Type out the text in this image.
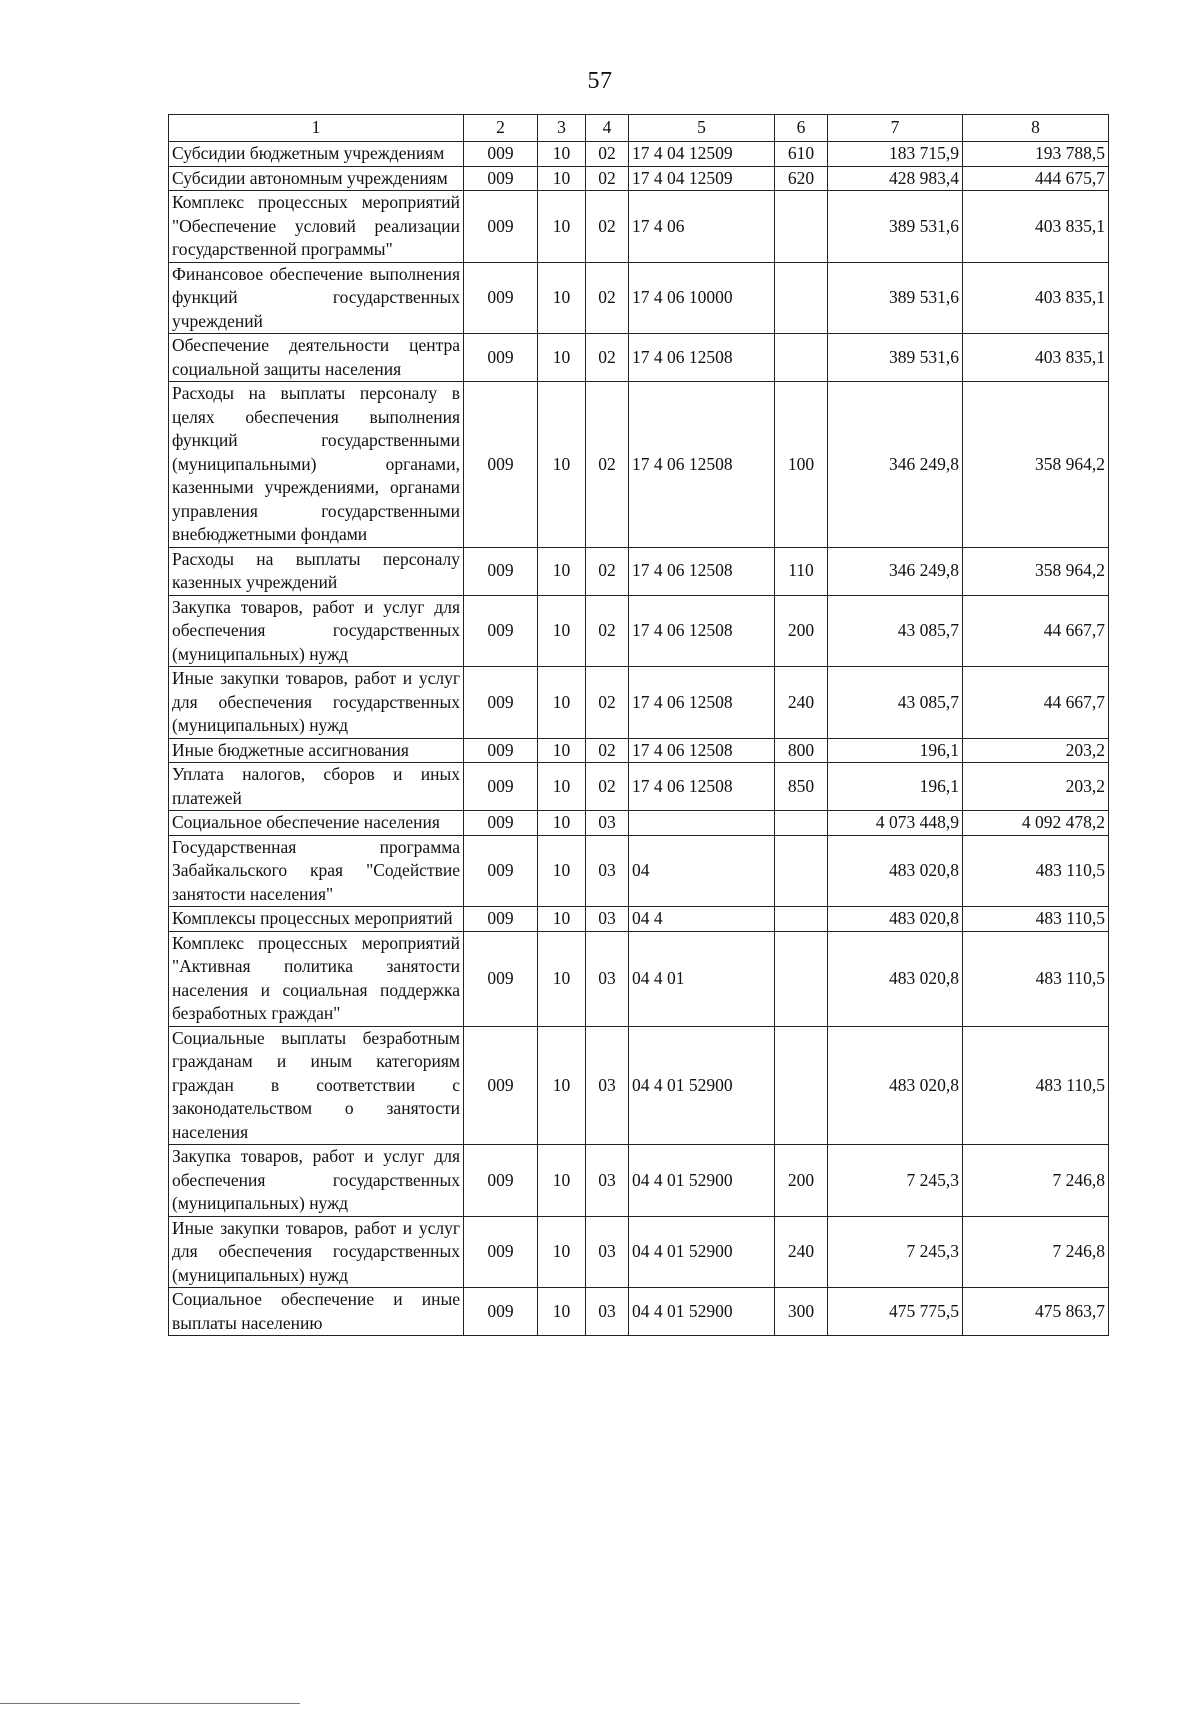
57
1	2	3	4	5	6	7	8
Субсидии бюджетным учреждениям	009	10	02	17 4 04 12509	610	183 715,9	193 788,5
Субсидии автономным учреждениям	009	10	02	17 4 04 12509	620	428 983,4	444 675,7
Комплекс процессных мероприятий "Обеспечение условий реализации государственной программы"	009	10	02	17 4 06		389 531,6	403 835,1
Финансовое обеспечение выполнения функций государственных учреждений	009	10	02	17 4 06 10000		389 531,6	403 835,1
Обеспечение деятельности центра социальной защиты населения	009	10	02	17 4 06 12508		389 531,6	403 835,1
Расходы на выплаты персоналу в целях обеспечения выполнения функций государственными (муниципальными) органами, казенными учреждениями, органами управления государственными внебюджетными фондами	009	10	02	17 4 06 12508	100	346 249,8	358 964,2
Расходы на выплаты персоналу казенных учреждений	009	10	02	17 4 06 12508	110	346 249,8	358 964,2
Закупка товаров, работ и услуг для обеспечения государственных (муниципальных) нужд	009	10	02	17 4 06 12508	200	43 085,7	44 667,7
Иные закупки товаров, работ и услуг для обеспечения государственных (муниципальных) нужд	009	10	02	17 4 06 12508	240	43 085,7	44 667,7
Иные бюджетные ассигнования	009	10	02	17 4 06 12508	800	196,1	203,2
Уплата налогов, сборов и иных платежей	009	10	02	17 4 06 12508	850	196,1	203,2
Социальное обеспечение населения	009	10	03			4 073 448,9	4 092 478,2
Государственная программа Забайкальского края "Содействие занятости населения"	009	10	03	04		483 020,8	483 110,5
Комплексы процессных мероприятий	009	10	03	04 4		483 020,8	483 110,5
Комплекс процессных мероприятий "Активная политика занятости населения и социальная поддержка безработных граждан"	009	10	03	04 4 01		483 020,8	483 110,5
Социальные выплаты безработным гражданам и иным категориям граждан в соответствии с законодательством о занятости населения	009	10	03	04 4 01 52900		483 020,8	483 110,5
Закупка товаров, работ и услуг для обеспечения государственных (муниципальных) нужд	009	10	03	04 4 01 52900	200	7 245,3	7 246,8
Иные закупки товаров, работ и услуг для обеспечения государственных (муниципальных) нужд	009	10	03	04 4 01 52900	240	7 245,3	7 246,8
Социальное обеспечение и иные выплаты населению	009	10	03	04 4 01 52900	300	475 775,5	475 863,7
